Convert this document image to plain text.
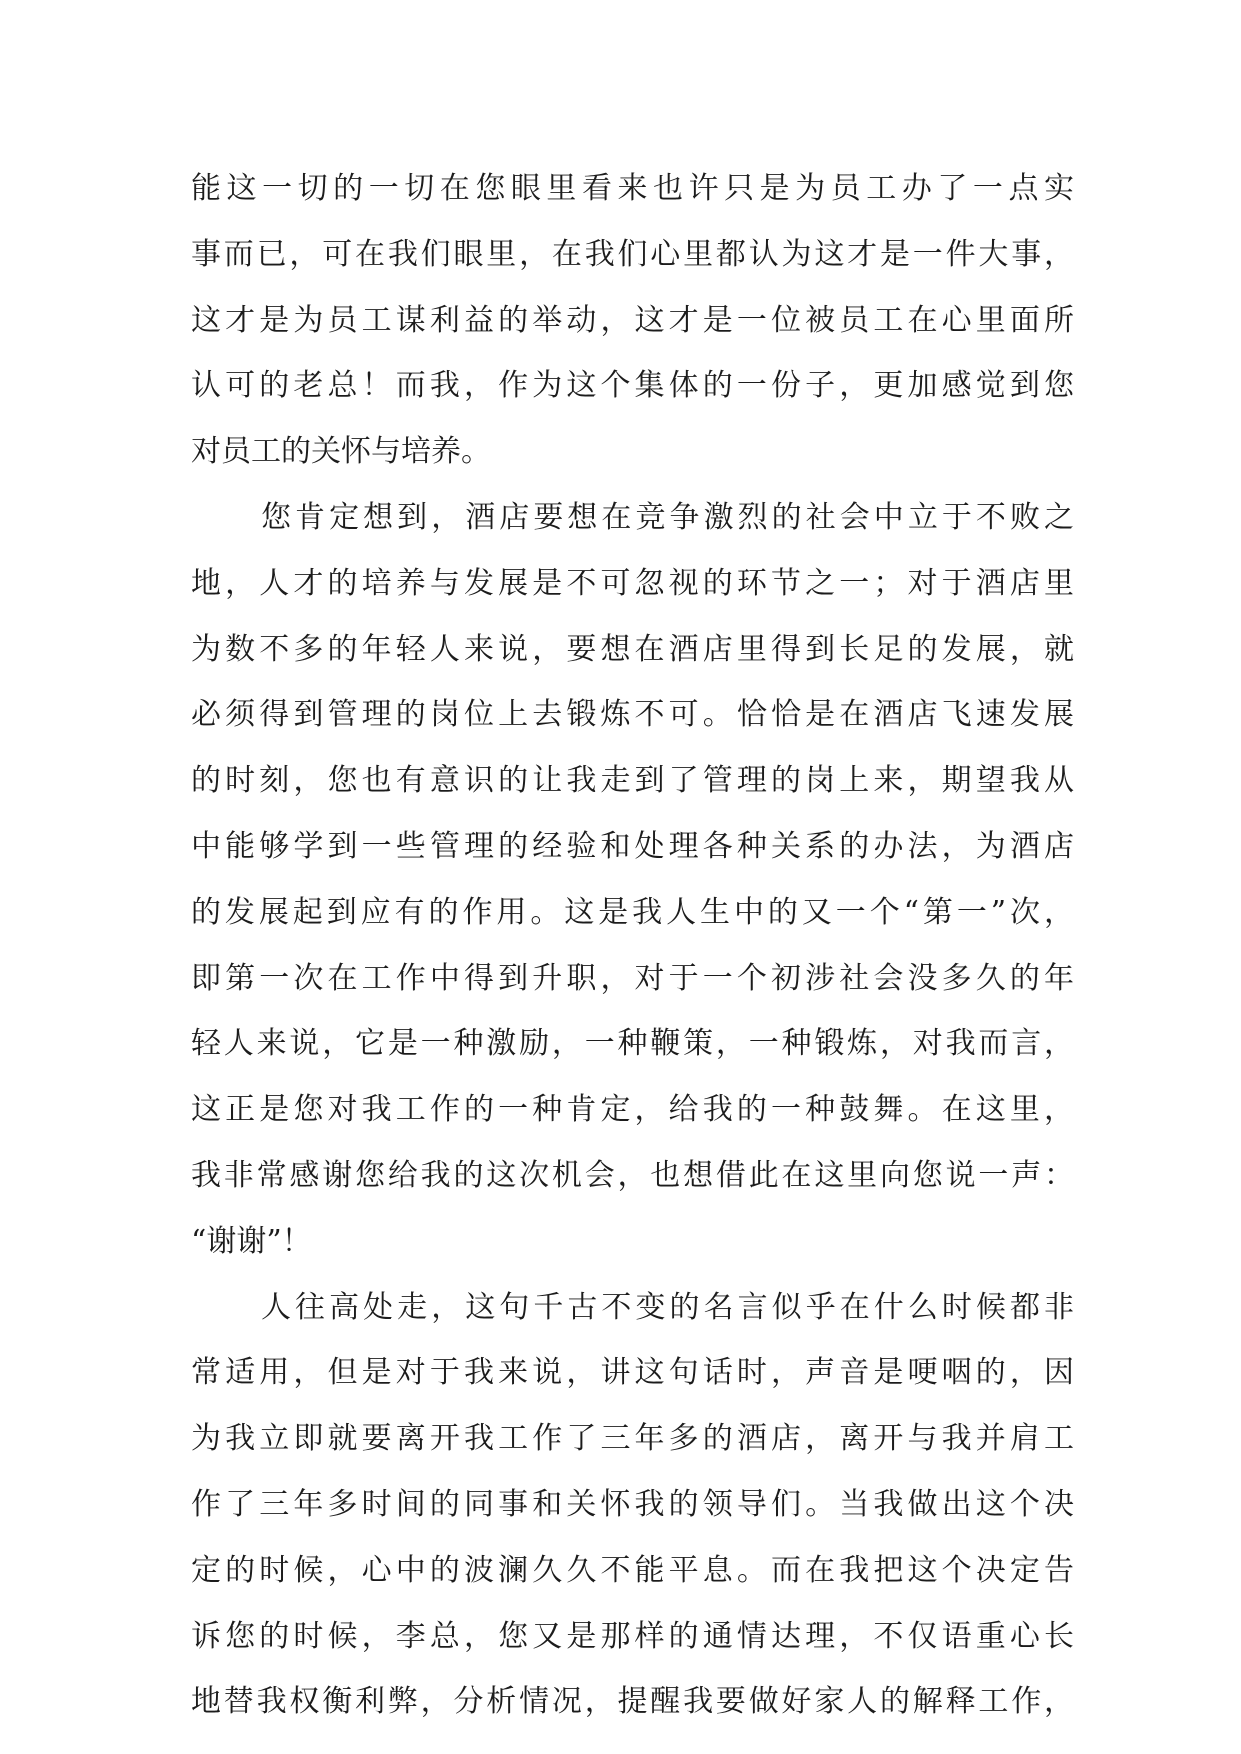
能这一切的一切在您眼里看来也许只是为员工办了一点实
事而已，可在我们眼里，在我们心里都认为这才是一件大事，
这才是为员工谋利益的举动，这才是一位被员工在心里面所
认可的老总！而我，作为这个集体的一份子，更加感觉到您
对员工的关怀与培养。
您肯定想到，酒店要想在竞争激烈的社会中立于不败之
地，人才的培养与发展是不可忽视的环节之一；对于酒店里
为数不多的年轻人来说，要想在酒店里得到长足的发展，就
必须得到管理的岗位上去锻炼不可。恰恰是在酒店飞速发展
的时刻，您也有意识的让我走到了管理的岗上来，期望我从
中能够学到一些管理的经验和处理各种关系的办法，为酒店
的发展起到应有的作用。这是我人生中的又一个“第一”次，
即第一次在工作中得到升职，对于一个初涉社会没多久的年
轻人来说，它是一种激励，一种鞭策，一种锻炼，对我而言，
这正是您对我工作的一种肯定，给我的一种鼓舞。在这里，
我非常感谢您给我的这次机会，也想借此在这里向您说一声：
“谢谢”！
人往高处走，这句千古不变的名言似乎在什么时候都非
常适用，但是对于我来说，讲这句话时，声音是哽咽的，因
为我立即就要离开我工作了三年多的酒店，离开与我并肩工
作了三年多时间的同事和关怀我的领导们。当我做出这个决
定的时候，心中的波澜久久不能平息。而在我把这个决定告
诉您的时候，李总，您又是那样的通情达理，不仅语重心长
地替我权衡利弊，分析情况，提醒我要做好家人的解释工作，
